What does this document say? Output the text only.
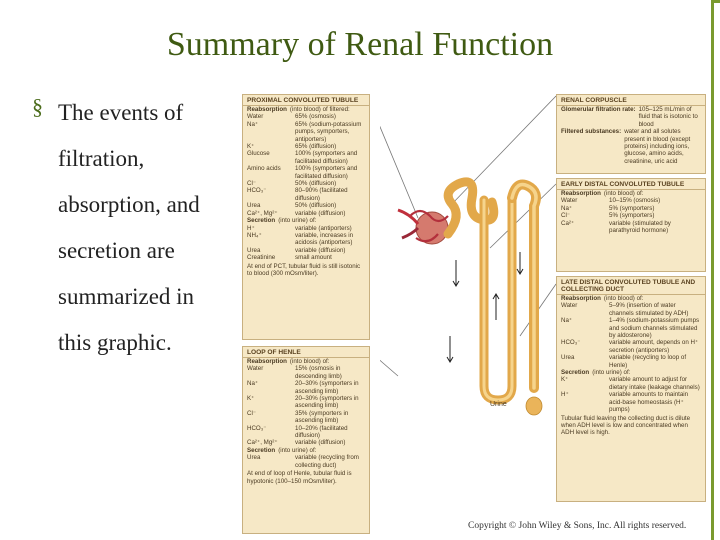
Summary of Renal Function
§ The events of
filtration,
absorption, and
secretion are
summarized in
this graphic.
PROXIMAL CONVOLUTED TUBULE
Reabsorption (into blood) of filtered:
Water	65% (osmosis)
Na⁺	65% (sodium-potassium pumps, symporters, antiporters)
K⁺	65% (diffusion)
Glucose	100% (symporters and facilitated diffusion)
Amino acids	100% (symporters and facilitated diffusion)
Cl⁻	50% (diffusion)
HCO₃⁻	80–90% (facilitated diffusion)
Urea	50% (diffusion)
Ca²⁺, Mg²⁺	variable (diffusion)
Secretion (into urine) of:
H⁺	variable (antiporters)
NH₄⁺	variable, increases in acidosis (antiporters)
Urea	variable (diffusion)
Creatinine	small amount
At end of PCT, tubular fluid is still isotonic to blood (300 mOsm/liter).
LOOP OF HENLE
Reabsorption (into blood) of:
Water	15% (osmosis in descending limb)
Na⁺	20–30% (symporters in ascending limb)
K⁺	20–30% (symporters in ascending limb)
Cl⁻	35% (symporters in ascending limb)
HCO₃⁻	10–20% (facilitated diffusion)
Ca²⁺, Mg²⁺	variable (diffusion)
Secretion (into urine) of:
Urea	variable (recycling from collecting duct)
At end of loop of Henle, tubular fluid is hypotonic (100–150 mOsm/liter).
RENAL CORPUSCLE
Glomerular filtration rate: 105–125 mL/min of fluid that is isotonic to blood
Filtered substances: water and all solutes present in blood (except proteins) including ions, glucose, amino acids, creatinine, uric acid
EARLY DISTAL CONVOLUTED TUBULE
Reabsorption (into blood) of:
Water	10–15% (osmosis)
Na⁺	5% (symporters)
Cl⁻	5% (symporters)
Ca²⁺	variable (stimulated by parathyroid hormone)
LATE DISTAL CONVOLUTED TUBULE AND COLLECTING DUCT
Reabsorption (into blood) of:
Water	5–9% (insertion of water channels stimulated by ADH)
Na⁺	1–4% (sodium-potassium pumps and sodium channels stimulated by aldosterone)
HCO₃⁻	variable amount, depends on H⁺ secretion (antiporters)
Urea	variable (recycling to loop of Henle)
Secretion (into urine) of:
K⁺	variable amount to adjust for dietary intake (leakage channels)
H⁺	variable amounts to maintain acid-base homeostasis (H⁺ pumps)
Tubular fluid leaving the collecting duct is dilute when ADH level is low and concentrated when ADH level is high.
Urine
Copyright © John Wiley & Sons, Inc. All rights reserved.
